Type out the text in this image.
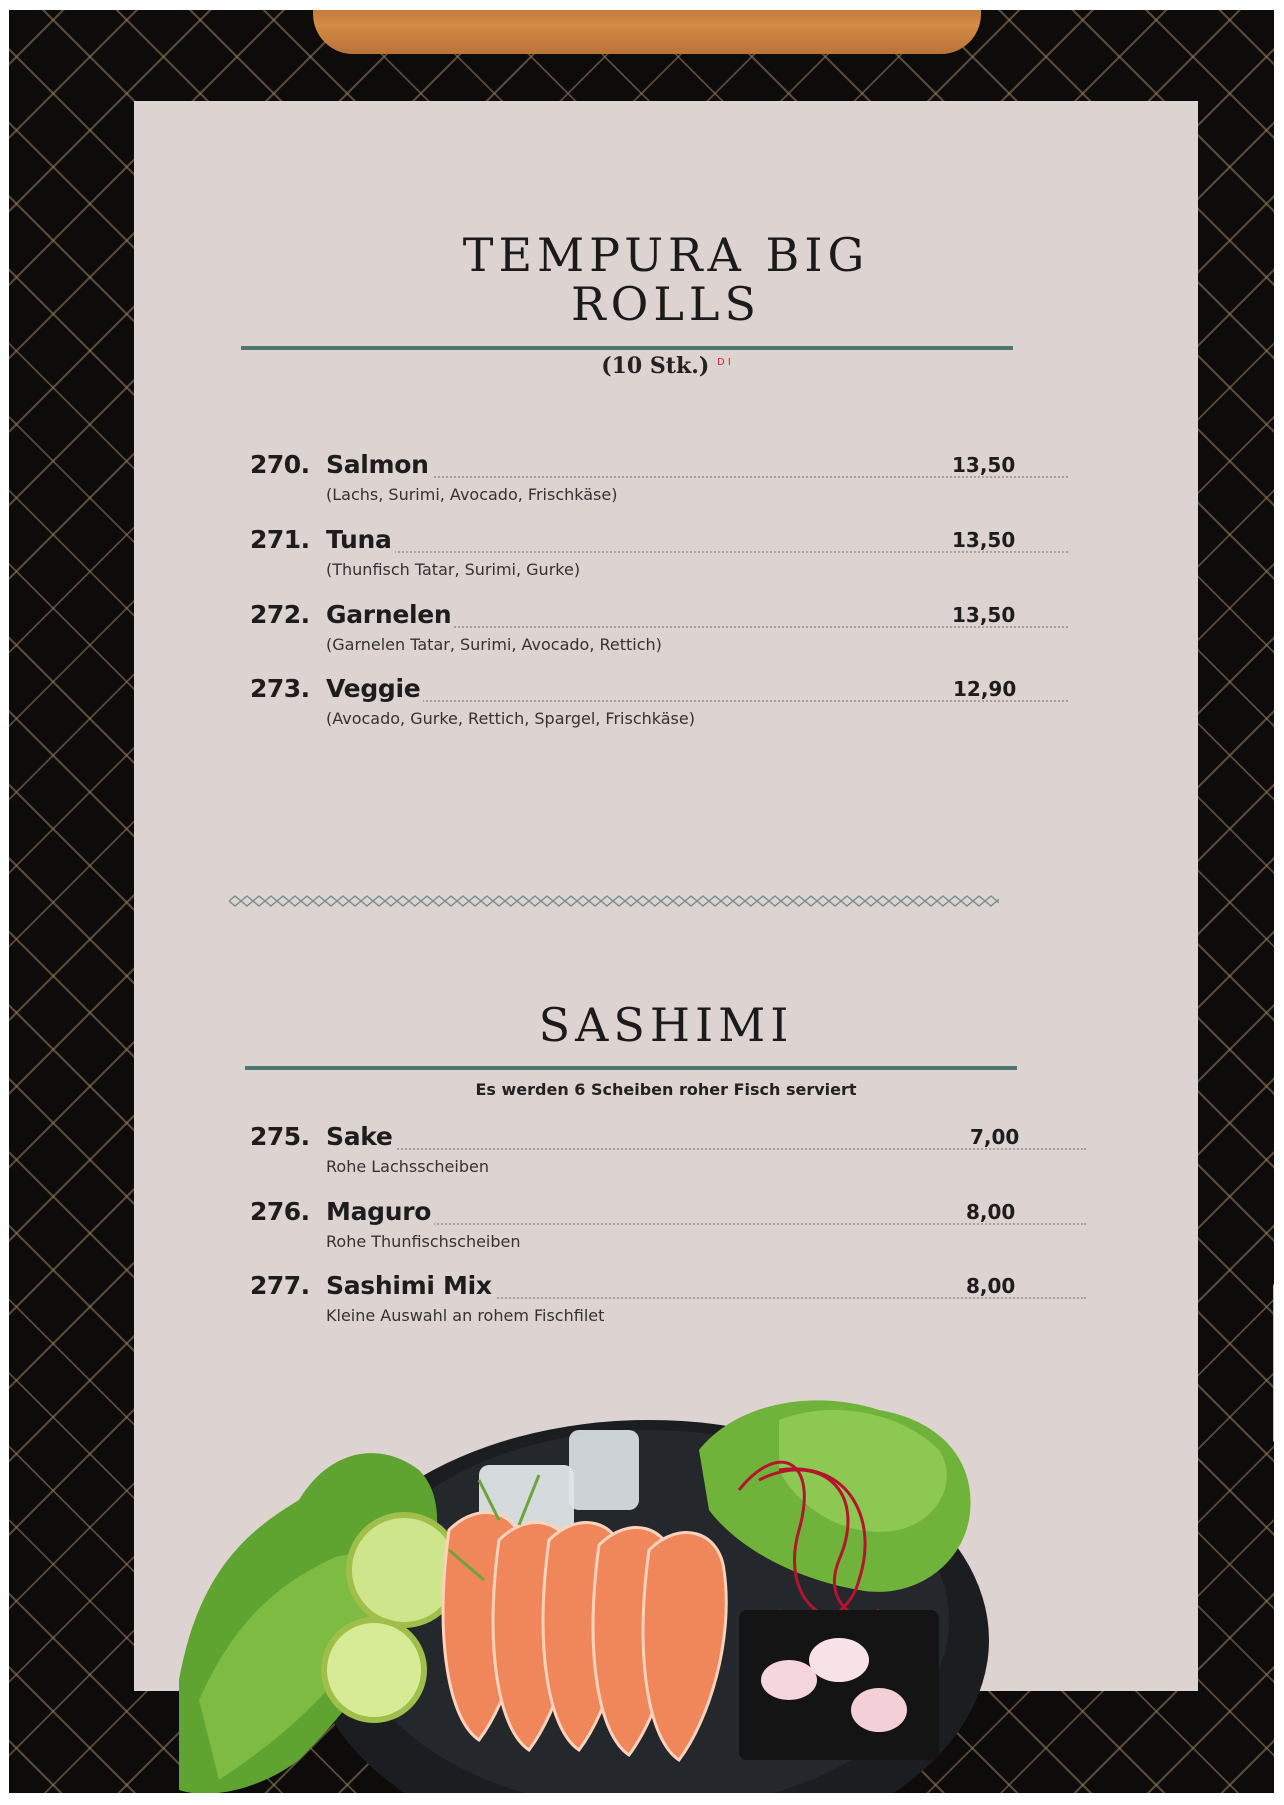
TEMPURA BIG
ROLLS

(10 Stk.) $^{D I}$

270. Salmon	13,50
(Lachs, Surimi, Avocado, Frischkäse)
271. Tuna	13,50
(Thunfisch Tatar, Surimi, Gurke)
272. Garnelen	13,50
(Garnelen Tatar, Surimi, Avocado, Rettich)
273. Veggie	12,90
(Avocado, Gurke, Rettich, Spargel, Frischkäse)
SASHIMI

Es werden 6 Scheiben roher Fisch serviert

275. Sake	7,00
Rohe Lachsscheiben
276. Maguro	8,00
Rohe Thunfischscheiben
277. Sashimi Mix	8,00
Kleine Auswahl an rohem Fischfilet
